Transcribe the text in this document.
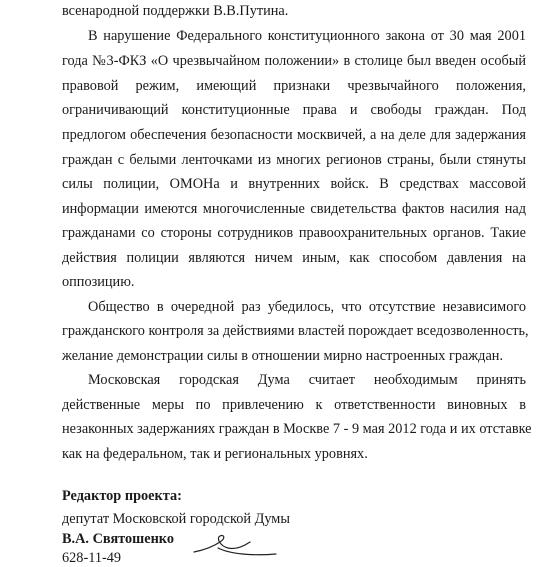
всенародной поддержки В.В.Путина.
В нарушение Федерального конституционного закона от 30 мая 2001
года №3-ФКЗ «О чрезвычайном положении» в столице был введен особый
правовой режим, имеющий признаки чрезвычайного положения,
ограничивающий конституционные права и свободы граждан. Под
предлогом обеспечения безопасности москвичей, а на деле для задержания
граждан с белыми ленточками из многих регионов страны, были стянуты
силы полиции, ОМОНа и внутренних войск. В средствах массовой
информации имеются многочисленные свидетельства фактов насилия над
гражданами со стороны сотрудников правоохранительных органов. Такие
действия полиции являются ничем иным, как способом давления на
оппозицию.
Общество в очередной раз убедилось, что отсутствие независимого
гражданского контроля за действиями властей порождает вседозволенность,
желание демонстрации силы в отношении мирно настроенных граждан.
Московская городская Дума считает необходимым принять
действенные меры по привлечению к ответственности виновных в
незаконных задержаниях граждан в Москве 7 - 9 мая 2012 года и их отставке
как на федеральном, так и региональных уровнях.
Редактор проекта:
депутат Московской городской Думы
В.А. Святошенко
628-11-49
